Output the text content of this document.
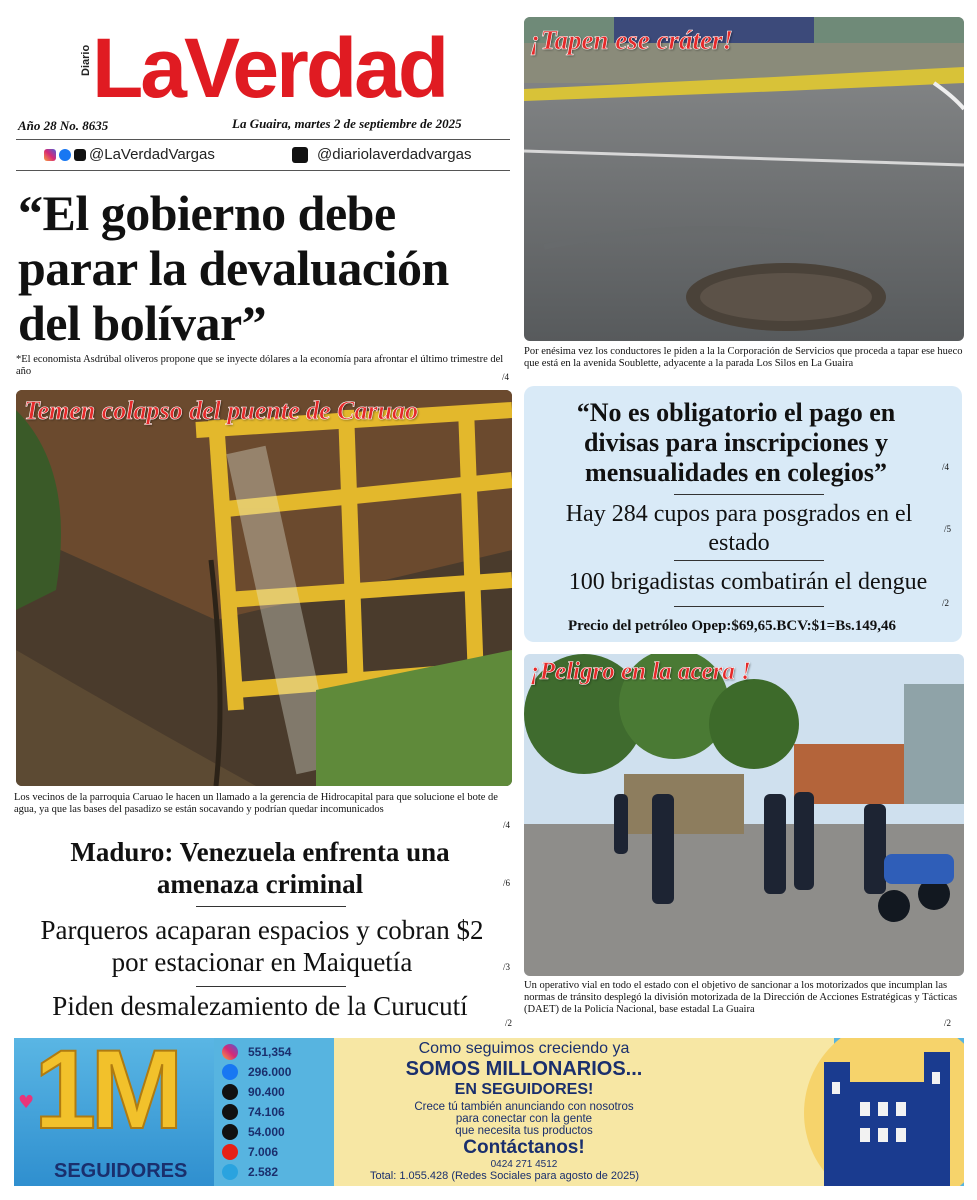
Diario LaVerdad
Año 28 No. 8635	La Guaira, martes 2 de septiembre de 2025
@LaVerdadVargas	@diariolaverdadvargas
“El gobierno debe parar la devaluación del bolívar”
*El economista Asdrúbal oliveros propone que se inyecte dólares a la economía para afrontar el último trimestre del año	/4
¡Tapen ese cráter!
Por enésima vez los conductores le piden a la la Corporación de Servicios que proceda a tapar ese hueco que está en la avenida Soublette, adyacente a la parada Los Silos en La Guaira
Temen colapso del puente de Caruao
Los vecinos de la parroquia Caruao le hacen un llamado a la gerencia de Hidrocapital para que solucione el bote de agua, ya que las bases del pasadizo se están socavando y podrían quedar incomunicados
/4
“No es obligatorio el pago en divisas para inscripciones y mensualidades en colegios”	/4
Hay 284 cupos para posgrados en el estado
/5
100 brigadistas combatirán el dengue
/2
Precio del petróleo Opep:$69,65.BCV:$1=Bs.149,46
¡Peligro en la acera !
Un operativo vial en todo el estado con el objetivo de sancionar a los motorizados que incumplan las normas de tránsito desplegó la división motorizada de la Dirección de Acciones Estratégicas y Tácticas (DAET) de la Policía Nacional, base estadal La Guaira
/2
Maduro: Venezuela enfrenta una amenaza criminal	/6
Parqueros acaparan espacios y cobran $2 por estacionar en Maiquetía	/3
Piden desmalezamiento de la Curucutí
/2
1M
SEGUIDORES
♥
551,354
296.000
90.400
74.106
54.000
7.006
2.582
Como seguimos creciendo ya
SOMOS MILLONARIOS...
EN SEGUIDORES!
Crece tú también anunciando con nosotros
para conectar con la gente
que necesita tus productos
Contáctanos!
0424 271 4512
Total: 1.055.428 (Redes Sociales para agosto de 2025)
